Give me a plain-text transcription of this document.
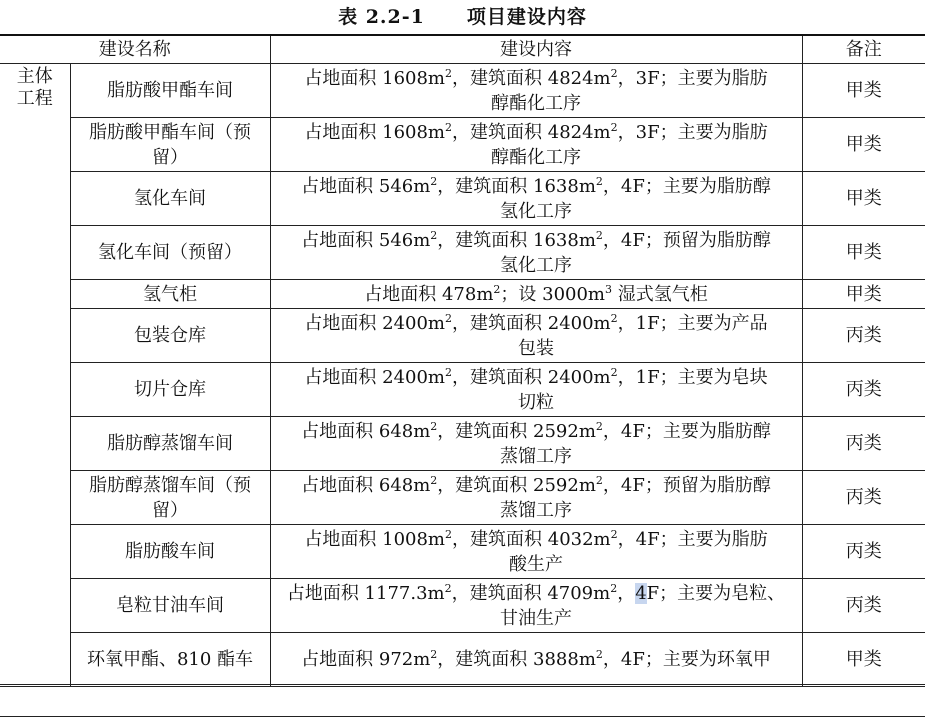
表 2.2-1 项目建设内容
建设名称		建设内容	备注
主体
工程	脂肪酸甲酯车间	占地面积 $1608m^2$，建筑面积 $4824m^2$，3F；主要为脂肪
醇酯化工序	甲类
	脂肪酸甲酯车间（预留）	占地面积 $1608m^2$，建筑面积 $4824m^2$，3F；主要为脂肪
醇酯化工序	甲类
	氢化车间	占地面积 $546m^2$，建筑面积 $1638m^2$，4F；主要为脂肪醇
氢化工序	甲类
	氢化车间（预留）	占地面积 $546m^2$，建筑面积 $1638m^2$，4F；预留为脂肪醇
氢化工序	甲类
	氢气柜	占地面积 $478m^2$；设 $3000m^3$ 湿式氢气柜	甲类
	包装仓库	占地面积 $2400m^2$，建筑面积 $2400m^2$，1F；主要为产品
包装	丙类
	切片仓库	占地面积 $2400m^2$，建筑面积 $2400m^2$，1F；主要为皂块
切粒	丙类
	脂肪醇蒸馏车间	占地面积 $648m^2$，建筑面积 $2592m^2$，4F；主要为脂肪醇
蒸馏工序	丙类
	脂肪醇蒸馏车间（预留）	占地面积 $648m^2$，建筑面积 $2592m^2$，4F；预留为脂肪醇
蒸馏工序	丙类
	脂肪酸车间	占地面积 $1008m^2$，建筑面积 $4032m^2$，4F；主要为脂肪
酸生产	丙类
	皂粒甘油车间	占地面积 $1177.3m^2$，建筑面积 $4709m^2$，4F；主要为皂粒、
甘油生产	丙类
	环氧甲酯、810 酯车	占地面积 $972m^2$，建筑面积 $3888m^2$，4F；主要为环氧甲	甲类
